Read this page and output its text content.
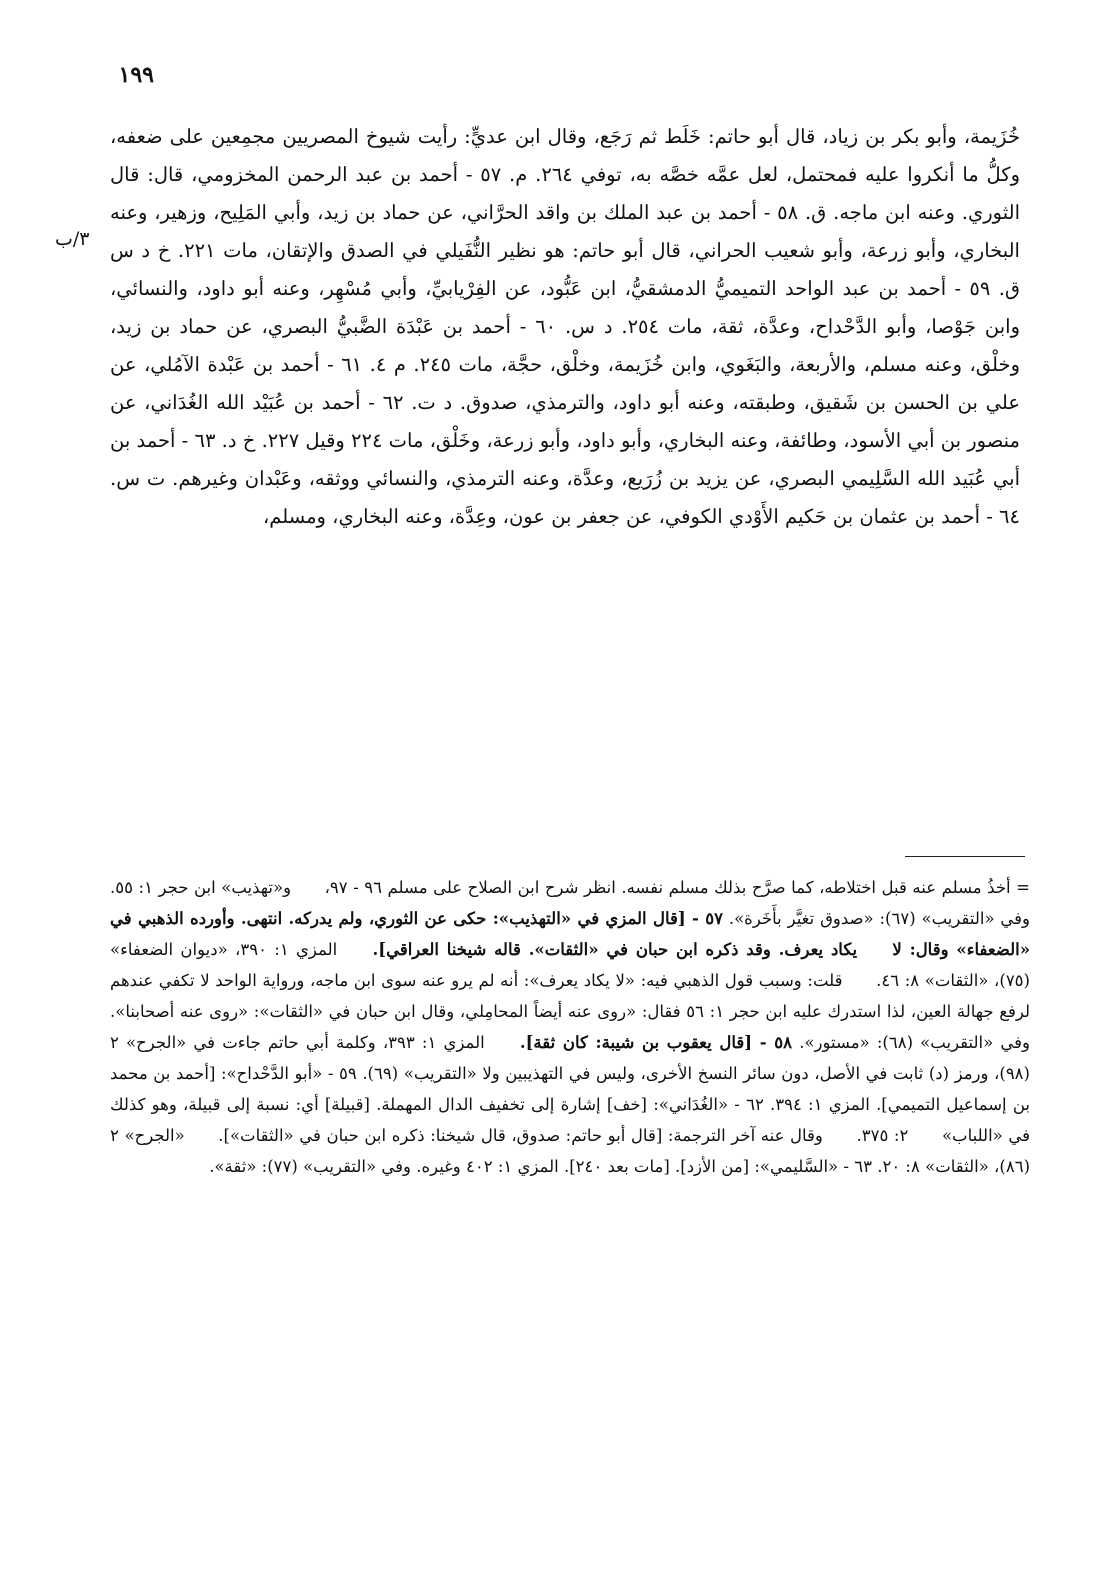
١٩٩
٣/ب
خُزَيمة، وأبو بكر بن زياد، قال أبو حاتم: خَلَط ثم رَجَع، وقال ابن عديٍّ: رأيت شيوخ المصريين مجمِعين على ضعفه، وكلُّ ما أنكروا عليه فمحتمل، لعل عمَّه خصَّه به، توفي ٢٦٤. م. ٥٧ - أحمد بن عبد الرحمن المخزومي، قال: قال الثوري. وعنه ابن ماجه. ق. ٥٨ - أحمد بن عبد الملك بن واقد الحرَّاني، عن حماد بن زيد، وأبي المَلِيح، وزهير، وعنه البخاري، وأبو زرعة، وأبو شعيب الحراني، قال أبو حاتم: هو نظير النُّفَيلي في الصدق والإتقان، مات ٢٢١. خ د س ق. ٥٩ - أحمد بن عبد الواحد التميميُّ الدمشقيُّ، ابن عَبُّود، عن الفِرْيابيِّ، وأبي مُسْهِر، وعنه أبو داود، والنسائي، وابن جَوْصا، وأبو الدَّحْداح، وعدَّة، ثقة، مات ٢٥٤. د س. ٦٠ - أحمد بن عَبْدَة الضَّبيُّ البصري، عن حماد بن زيد، وخلْق، وعنه مسلم، والأربعة، والبَغَوي، وابن خُزَيمة، وخلْق، حجَّة، مات ٢٤٥. م ٤. ٦١ - أحمد بن عَبْدة الآمُلي، عن علي بن الحسن بن شَقيق، وطبقته، وعنه أبو داود، والترمذي، صدوق. د ت. ٦٢ - أحمد بن عُبَيْد الله الغُدَاني، عن منصور بن أبي الأسود، وطائفة، وعنه البخاري، وأبو داود، وأبو زرعة، وخَلْق، مات ٢٢٤ وقيل ٢٢٧. خ د. ٦٣ - أحمد بن أبي عُبَيد الله السَّلِيمي البصري، عن يزيد بن زُرَيع، وعدَّة، وعنه الترمذي، والنسائي ووثقه، وعَبْدان وغيرهم. ت س. ٦٤ - أحمد بن عثمان بن حَكيم الأَوْدي الكوفي، عن جعفر بن عون، وعِدَّة، وعنه البخاري، ومسلم،
= أخذُ مسلم عنه قبل اختلاطه، كما صرَّح بذلك مسلم نفسه. انظر شرح ابن الصلاح على مسلم ٩٦ - ٩٧، و«تهذيب» ابن حجر ١: ٥٥. وفي «التقريب» (٦٧): «صدوق تغيَّر بأَخَرة». ٥٧ - [قال المزي في «التهذيب»: حكى عن الثوري، ولم يدركه. انتهى. وأورده الذهبي في «الضعفاء» وقال: لا يكاد يعرف. وقد ذكره ابن حبان في «الثقات». قاله شيخنا العراقي]. المزي ١: ٣٩٠، «ديوان الضعفاء» (٧٥)، «الثقات» ٨: ٤٦. قلت: وسبب قول الذهبي فيه: «لا يكاد يعرف»: أنه لم يرو عنه سوى ابن ماجه، ورواية الواحد لا تكفي عندهم لرفع جهالة العين، لذا استدرك عليه ابن حجر ١: ٥٦ فقال: «روى عنه أيضاً المحامِلي، وقال ابن حبان في «الثقات»: «روى عنه أصحابنا». وفي «التقريب» (٦٨): «مستور». ٥٨ - [قال يعقوب بن شيبة: كان ثقة]. المزي ١: ٣٩٣، وكلمة أبي حاتم جاءت في «الجرح» ٢ (٩٨)، ورمز (د) ثابت في الأصل، دون سائر النسخ الأخرى، وليس في التهذيبين ولا «التقريب» (٦٩). ٥٩ - «أبو الدَّحْداح»: [أحمد بن محمد بن إسماعيل التميمي]. المزي ١: ٣٩٤. ٦٢ - «الغُدَاني»: [خف] إشارة إلى تخفيف الدال المهملة. [قبيلة] أي: نسبة إلى قبيلة، وهو كذلك في «اللباب» ٢: ٣٧٥. وقال عنه آخر الترجمة: [قال أبو حاتم: صدوق، قال شيخنا: ذكره ابن حبان في «الثقات»]. «الجرح» ٢ (٨٦)، «الثقات» ٨: ٢٠. ٦٣ - «السَّليمي»: [من الأزد]. [مات بعد ٢٤٠]. المزي ١: ٤٠٢ وغيره. وفي «التقريب» (٧٧): «ثقة».
